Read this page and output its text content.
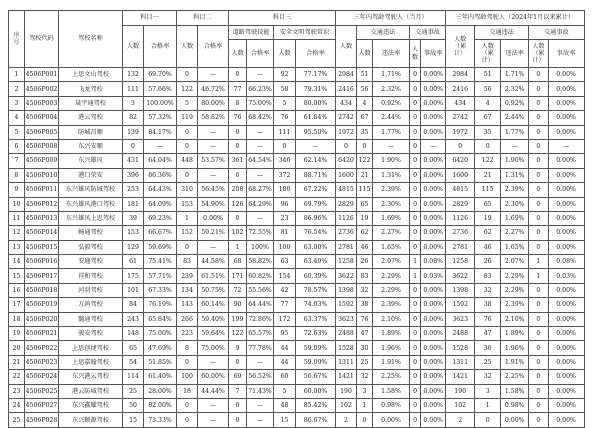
序号	驾校代码	驾校名称	科目一		科目二		科目三				三年内驾龄驾驶人（当月）					三年内驾龄驾驶人（2024年1月以来累计）				
			人数	合格率	人数	合格率	道路驾驶技能		安全文明驾驶常识		人数	交通违法		交通事故		人数（累计）	交通违法		交通事故	
							人数	合格率	人数	合格率		人数	违法率	人数	事故率		人数（累计）	违法率	人数（累计）	事故率

1	4506P001	上思文山驾校	132	69.70%	0	—	0	—	92	77.17%	2984	51	1.71%	0	0.00%	2984	51	1.71%	0	0.00%
2	4506P002	飞龙驾校	111	57.66%	122	46.72%	77	66.23%	58	79.31%	2416	56	2.32%	0	0.00%	2416	56	2.32%	0	0.00%
3	4506P003	晟宇通驾校	3	100.00%	5	80.00%	8	75.00%	5	80.00%	434	4	0.92%	0	0.00%	434	4	0.92%	0	0.00%
4	4506P004	港云驾校	82	57.32%	119	58.82%	76	68.42%	76	61.84%	2742	67	2.44%	0	0.00%	2742	67	2.44%	0	0.00%
5	4506P005	防城昌顺	139	84.17%	0	—	0	—	111	95.50%	1972	35	1.77%	0	0.00%	1972	35	1.77%	0	0.00%
6	4506P008	东兴安顺	0	—	0	—	0	—	0	—	0	0	—	0	—	0	0	—	0	—
7	4506P009	东兴雄风	431	64.04%	448	53.57%	361	64.54%	346	62.14%	6420	122	1.90%	0	0.00%	6420	122	1.90%	0	0.00%
8	4506P010	港口荣安	396	86.36%	0	—	0	—	372	88.71%	1600	21	1.31%	0	0.00%	1600	21	1.31%	0	0.00%
9	4506P011	东兴雄风防城驾校	253	64.43%	310	56.45%	208	68.27%	180	67.22%	4815	115	2.39%	0	0.00%	4815	115	2.39%	0	0.00%
10	4506P012	东兴雄风港口驾校	181	64.09%	153	54.90%	126	64.29%	96	69.79%	2829	65	2.30%	0	0.00%	2829	65	2.30%	0	0.00%
11	4506P013	东兴雄风上思驾校	39	69.23%	1	0.00%	0	—	23	86.96%	1126	19	1.69%	0	0.00%	1126	19	1.69%	0	0.00%
12	4506P014	畅通驾校	153	66.67%	152	59.21%	102	72.55%	81	76.54%	2736	62	2.27%	0	0.00%	2736	62	2.27%	0	0.00%
13	4506P015	弘毅驾校	129	59.69%	0	—	1	100%	100	63.00%	2781	46	1.65%	0	0.00%	2781	46	1.65%	0	0.00%
14	4506P016	安通驾校	61	75.41%	83	44.58%	68	58.82%	63	63.49%	1258	26	2.07%	1	0.08%	1258	26	2.07%	1	0.08%
15	4506P017	祥和驾校	175	57.71%	239	61.51%	171	60.82%	154	60.39%	3622	83	2.29%	1	0.03%	3622	83	2.29%	1	0.03%
16	4506P018	河羽驾校	101	67.33%	134	50.75%	72	55.56%	42	78.57%	1398	32	2.29%	0	0.00%	1398	32	2.29%	0	0.00%
17	4506P019	万鸿驾校	84	76.19%	143	60.14%	90	64.44%	77	74.03%	1592	38	2.39%	0	0.00%	1592	38	2.39%	0	0.00%
18	4506P020	髓通驾校	243	65.84%	266	59.40%	199	72.86%	172	63.37%	3623	76	2.10%	0	0.00%	3623	76	2.10%	0	0.00%
19	4506P021	骏安驾校	148	75.00%	223	59.64%	122	65.57%	95	72.63%	2488	47	1.89%	0	0.00%	2488	47	1.89%	0	0.00%
20	4506P022	上思创捷驾校	65	47.69%	8	75.00%	9	77.78%	44	59.09%	1528	30	1.96%	0	0.00%	1528	30	1.96%	0	0.00%
21	4506P023	上思嘉翰驾校	54	51.85%	0	—	0	—	44	59.09%	1311	25	1.91%	0	0.00%	1311	25	1.91%	0	0.00%
22	4506P024	东兴港云驾校	114	61.40%	100	60.00%	69	56.52%	60	56.67%	1421	32	2.25%	0	0.00%	1421	32	2.25%	0	0.00%
23	4506P025	港云防城驾校	25	28.00%	18	44.44%	7	71.43%	5	60.00%	190	3	1.58%	0	0.00%	190	3	1.58%	0	0.00%
24	4506P027	东兴鑫耀驾校	50	82.00%	0	—	0	—	48	85.42%	102	1	0.98%	0	0.00%	102	1	0.98%	0	0.00%
25	4506P028	东兴顺源驾校	15	73.33%	0	—	0	—	15	86.67%	2	0	0.00%	0	0.00%	2	0	0.00%	0	0.00%
